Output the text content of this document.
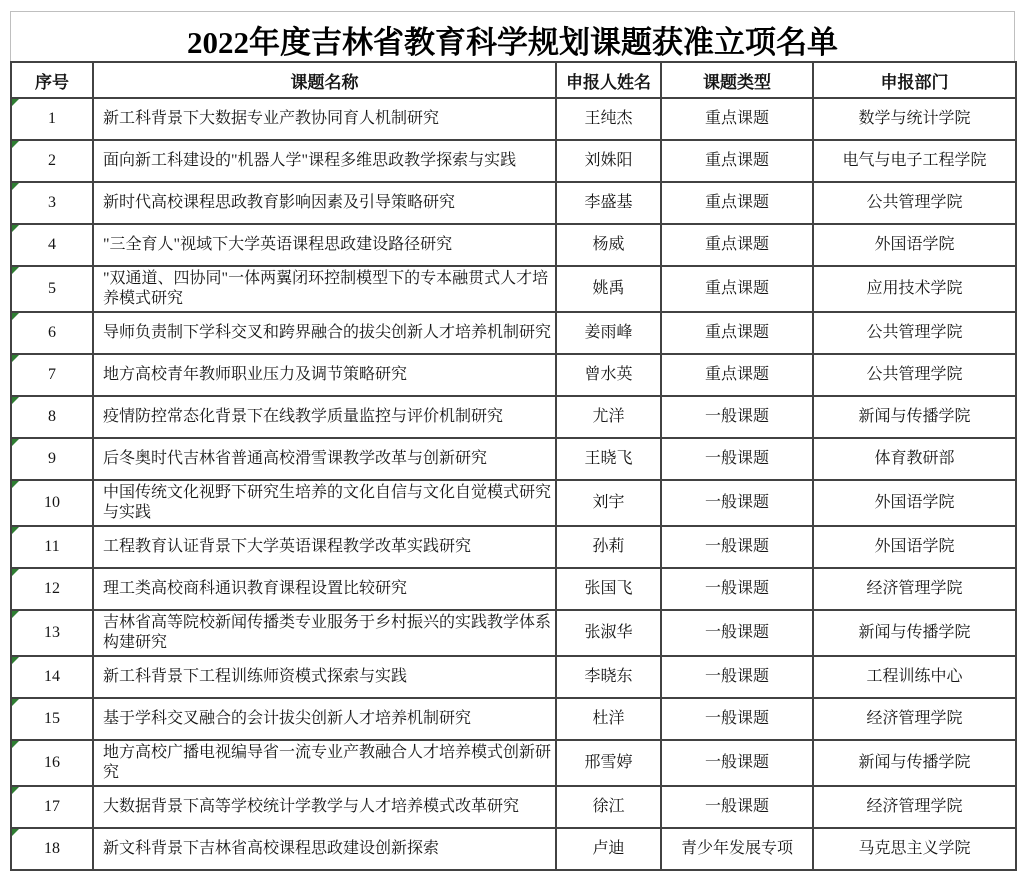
2022年度吉林省教育科学规划课题获准立项名单
序号	课题名称	申报人姓名	课题类型	申报部门

1	新工科背景下大数据专业产教协同育人机制研究	王纯杰	重点课题	数学与统计学院

2	面向新工科建设的"机器人学"课程多维思政教学探索与实践	刘姝阳	重点课题	电气与电子工程学院

3	新时代高校课程思政教育影响因素及引导策略研究	李盛基	重点课题	公共管理学院

4	"三全育人"视域下大学英语课程思政建设路径研究	杨威	重点课题	外国语学院

5	"双通道、四协同"一体两翼闭环控制模型下的专本融贯式人才培养模式研究	姚禹	重点课题	应用技术学院

6	导师负责制下学科交叉和跨界融合的拔尖创新人才培养机制研究	姜雨峰	重点课题	公共管理学院

7	地方高校青年教师职业压力及调节策略研究	曾水英	重点课题	公共管理学院

8	疫情防控常态化背景下在线教学质量监控与评价机制研究	尤洋	一般课题	新闻与传播学院

9	后冬奥时代吉林省普通高校滑雪课教学改革与创新研究	王晓飞	一般课题	体育教研部

10	中国传统文化视野下研究生培养的文化自信与文化自觉模式研究与实践	刘宇	一般课题	外国语学院

11	工程教育认证背景下大学英语课程教学改革实践研究	孙莉	一般课题	外国语学院

12	理工类高校商科通识教育课程设置比较研究	张国飞	一般课题	经济管理学院

13	吉林省高等院校新闻传播类专业服务于乡村振兴的实践教学体系构建研究	张淑华	一般课题	新闻与传播学院

14	新工科背景下工程训练师资模式探索与实践	李晓东	一般课题	工程训练中心

15	基于学科交叉融合的会计拔尖创新人才培养机制研究	杜洋	一般课题	经济管理学院

16	地方高校广播电视编导省一流专业产教融合人才培养模式创新研究	邢雪婷	一般课题	新闻与传播学院

17	大数据背景下高等学校统计学教学与人才培养模式改革研究	徐江	一般课题	经济管理学院

18	新文科背景下吉林省高校课程思政建设创新探索	卢迪	青少年发展专项	马克思主义学院
